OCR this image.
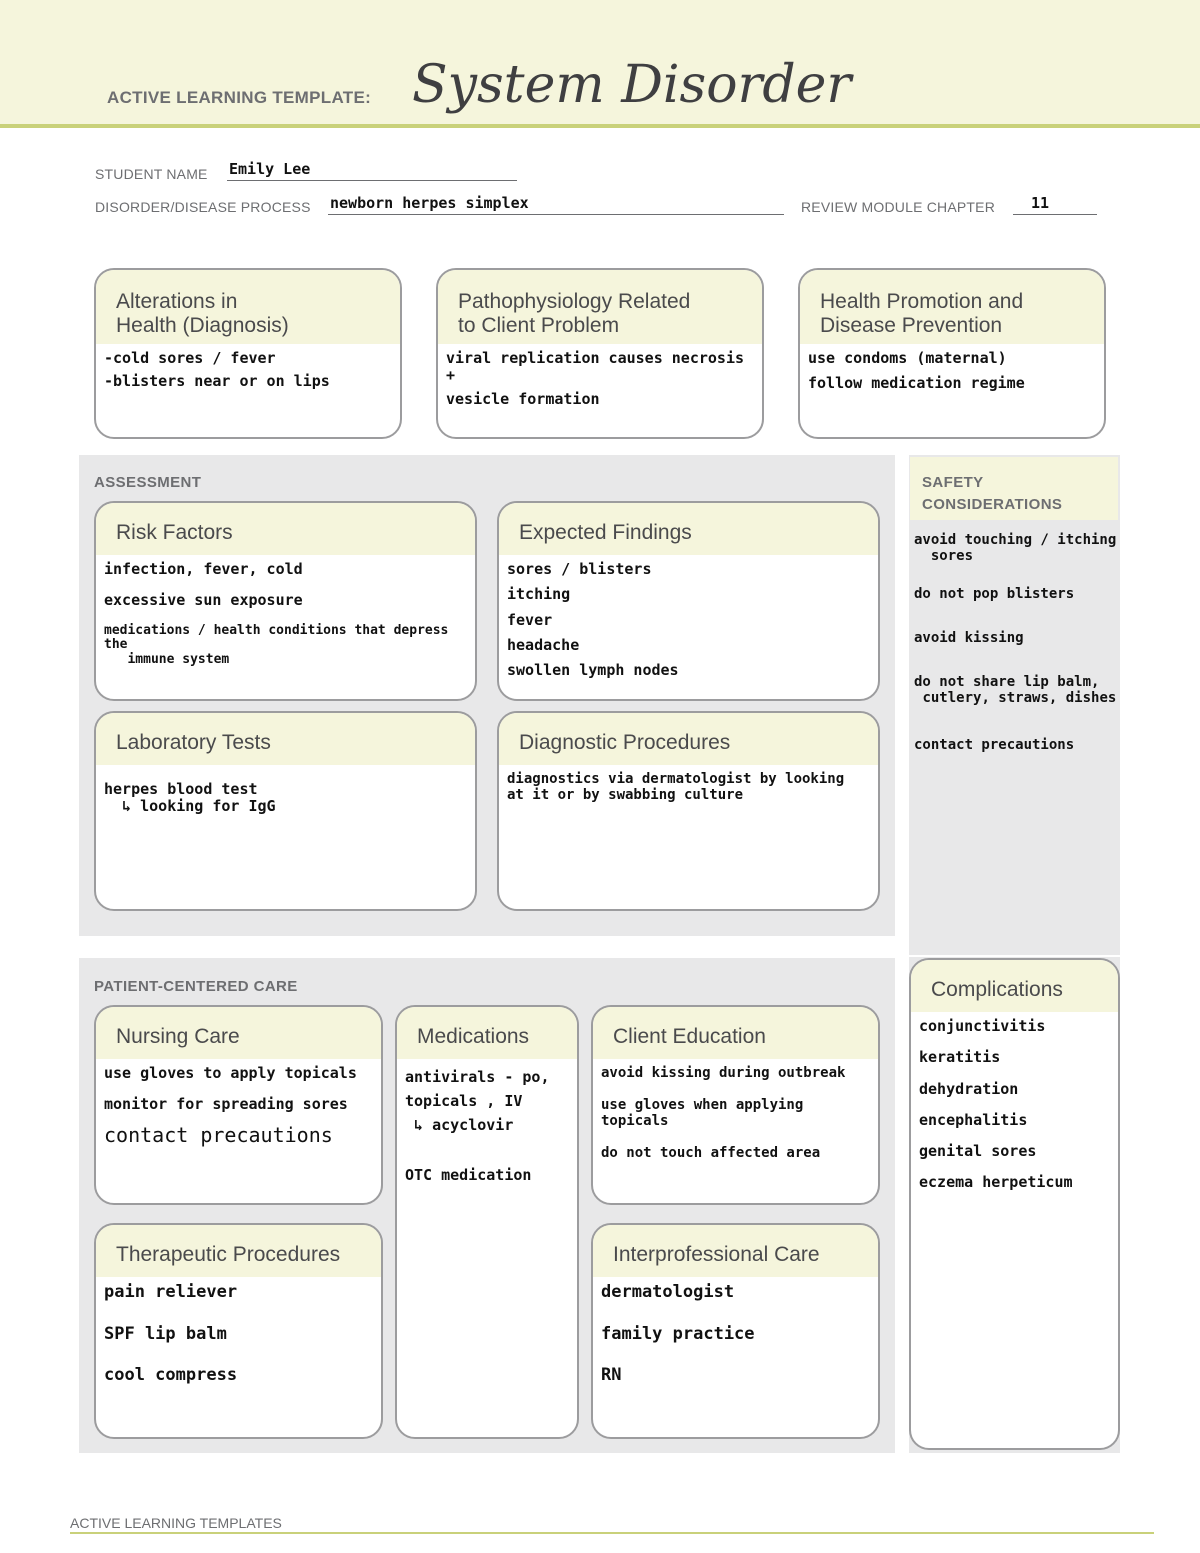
ACTIVE LEARNING TEMPLATE: System Disorder
STUDENT NAME Emily Lee
DISORDER/DISEASE PROCESS newborn herpes simplex	REVIEW MODULE CHAPTER 11
Alterations in
Health (Diagnosis)
-cold sores / fever
-blisters near or on lips
Pathophysiology Related
to Client Problem
viral replication causes necrosis +
vesicle formation
Health Promotion and
Disease Prevention
use condoms (maternal)
follow medication regime
ASSESSMENT
Risk Factors
infection, fever, cold
excessive sun exposure
medications / health conditions that depress the
immune system
Expected Findings
sores / blisters
itching
fever
headache
swollen lymph nodes
Laboratory Tests
herpes blood test
↳ looking for IgG
Diagnostic Procedures
diagnostics via dermatologist by looking
at it or by swabbing culture
SAFETY
CONSIDERATIONS
avoid touching / itching
sores
do not pop blisters
avoid kissing
do not share lip balm,
cutlery, straws, dishes
contact precautions
PATIENT-CENTERED CARE
Nursing Care
use gloves to apply topicals
monitor for spreading sores
contact precautions
Medications
antivirals - po,
topicals , IV
↳ acyclovir
OTC medication
Client Education
avoid kissing during outbreak
use gloves when applying topicals
do not touch affected area
Therapeutic Procedures
pain reliever
SPF lip balm
cool compress
Interprofessional Care
dermatologist
family practice
RN
Complications
conjunctivitis
keratitis
dehydration
encephalitis
genital sores
eczema herpeticum
ACTIVE LEARNING TEMPLATES
